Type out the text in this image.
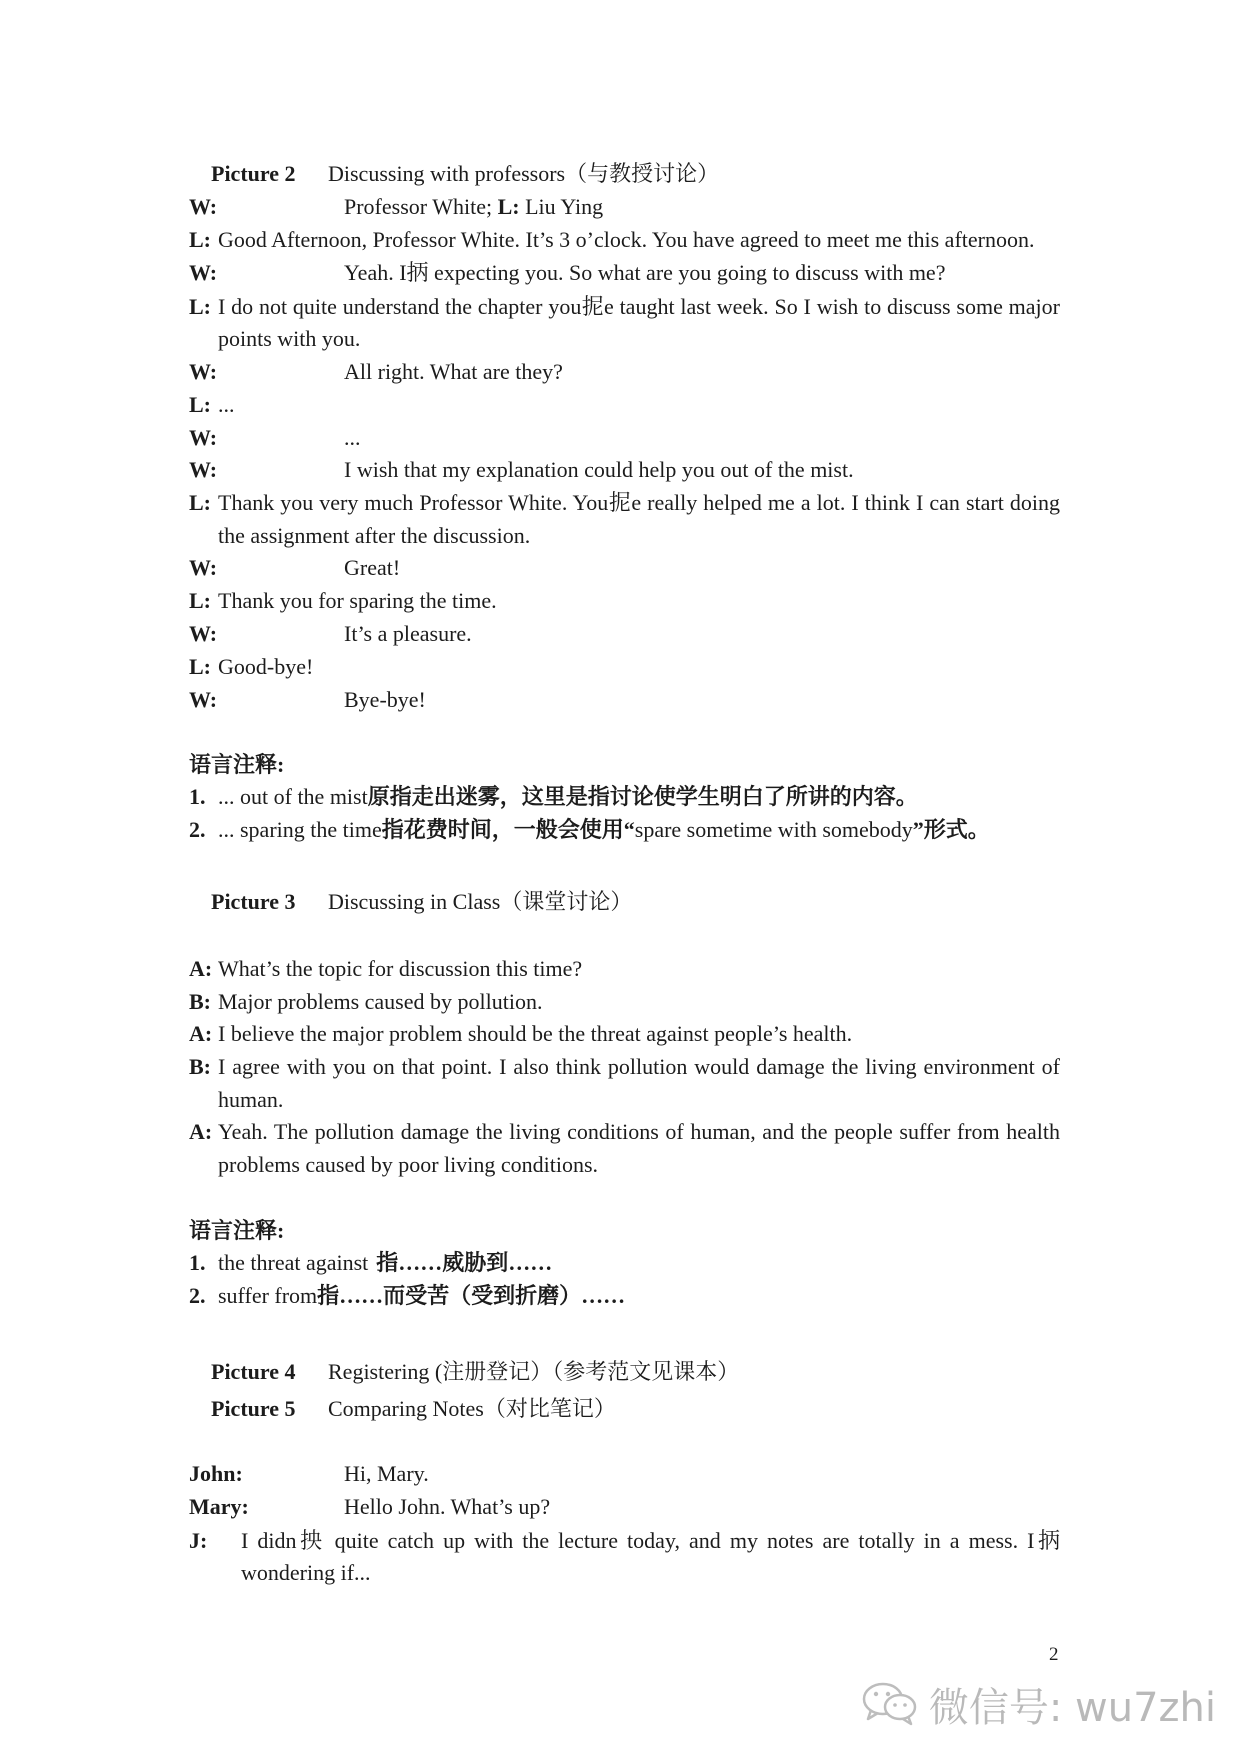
Picture 2 Discussing with professors（与教授讨论）
W:	Professor White; L: Liu Ying
L: Good Afternoon, Professor White. It’s 3 o’clock. You have agreed to meet me this afternoon.
W:	Yeah. I抦 expecting you. So what are you going to discuss with me?
L: I do not quite understand the chapter you抳e taught last week. So I wish to discuss some major
points with you.
W:	All right. What are they?
L: ...
W:	...
W:	I wish that my explanation could help you out of the mist.
L: Thank you very much Professor White. You抳e really helped me a lot. I think I can start doing
the assignment after the discussion.
W:	Great!
L: Thank you for sparing the time.
W:	It’s a pleasure.
L: Good-bye!
W:	Bye-bye!
语言注释:
1. ... out of the mist原指走出迷雾，这里是指讨论使学生明白了所讲的内容。
2. ... sparing the time指花费时间，一般会使用“spare sometime with somebody”形式。
Picture 3 Discussing in Class（课堂讨论）
A: What’s the topic for discussion this time?
B: Major problems caused by pollution.
A: I believe the major problem should be the threat against people’s health.
B: I agree with you on that point. I also think pollution would damage the living environment of
human.
A: Yeah. The pollution damage the living conditions of human, and the people suffer from health
problems caused by poor living conditions.
语言注释:
1. the threat against 指……威胁到……
2. suffer from指……而受苦（受到折磨）……
Picture 4 Registering (注册登记）（参考范文见课本）
Picture 5 Comparing Notes（对比笔记）
John:	Hi, Mary.
Mary:	Hello John. What’s up?
J: I didn抰 quite catch up with the lecture today, and my notes are totally in a mess. I抦
wondering if...
2
微信号: wu7zhi
